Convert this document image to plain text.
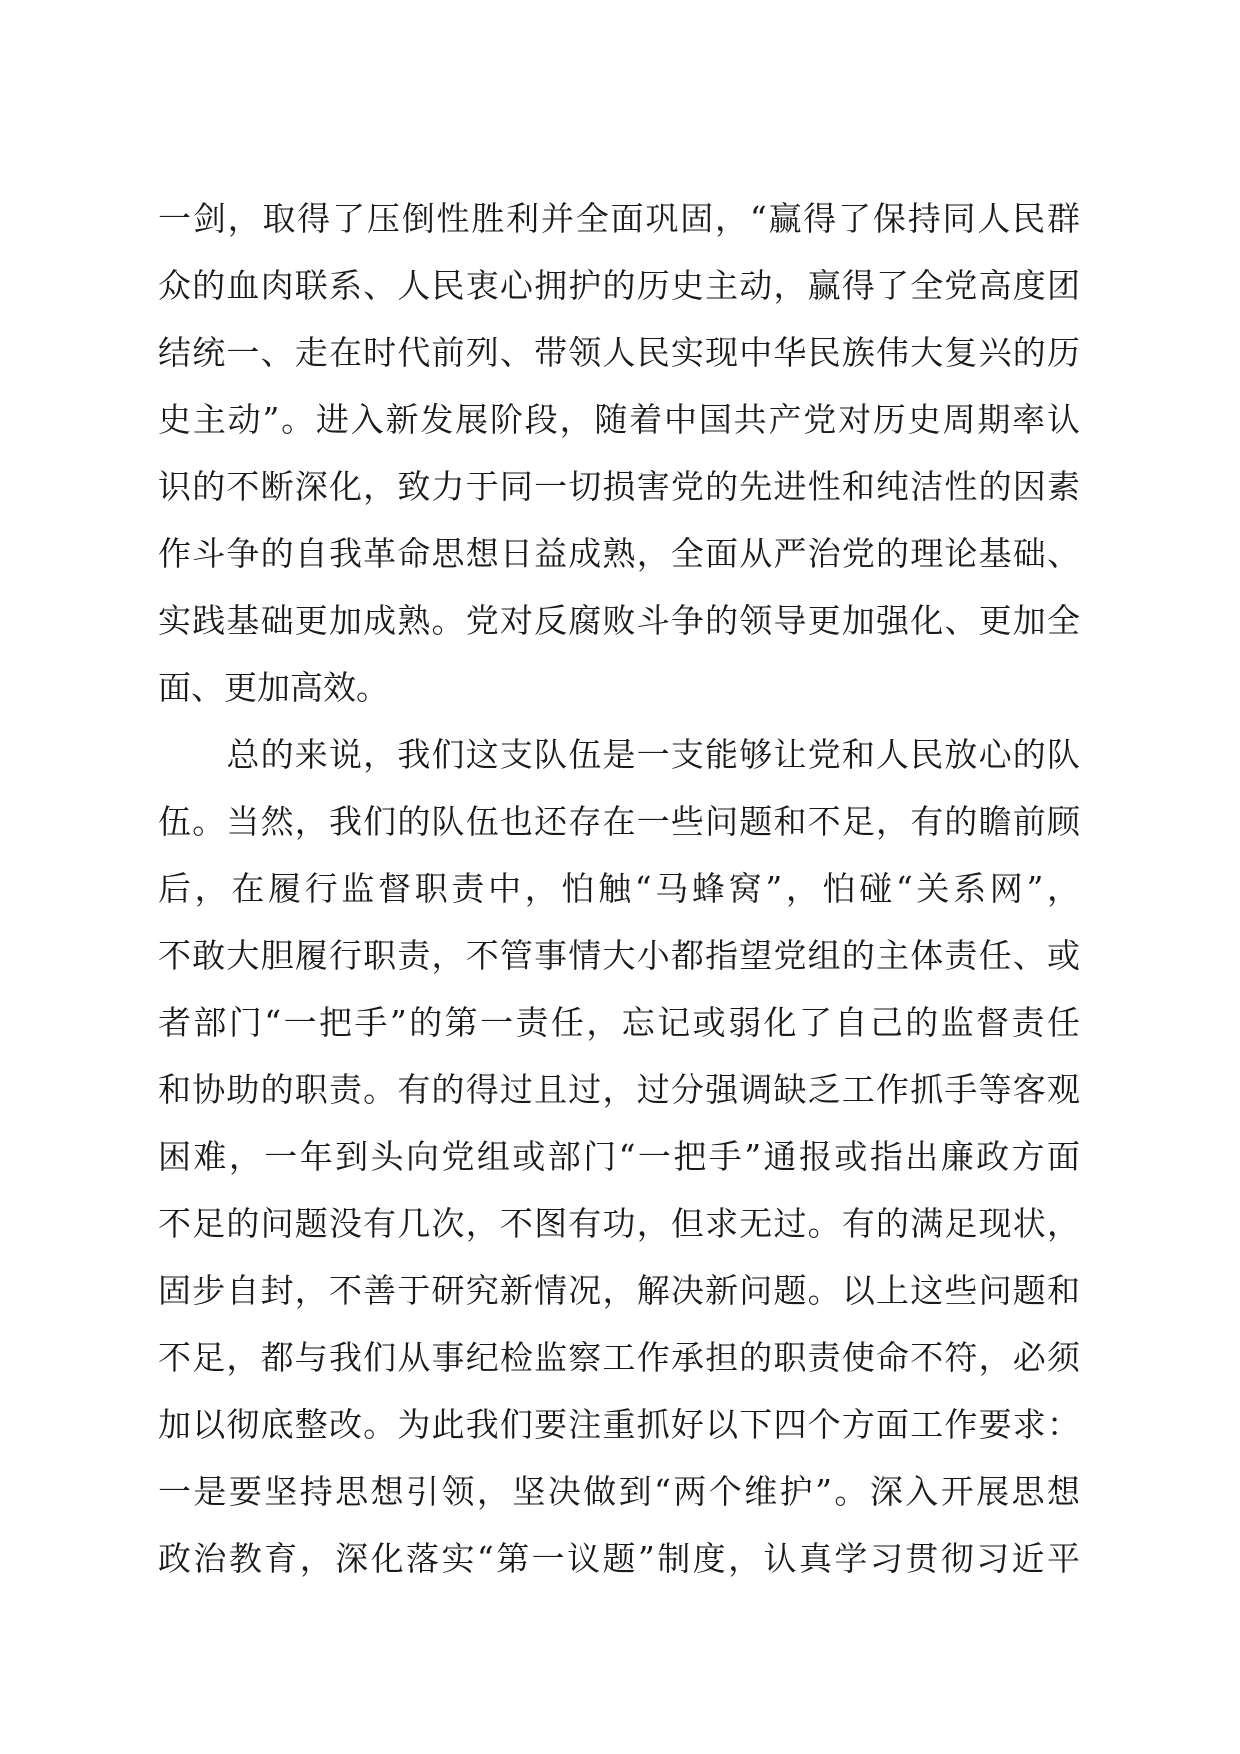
一剑，取得了压倒性胜利并全面巩固，“赢得了保持同人民群
众的血肉联系、人民衷心拥护的历史主动，赢得了全党高度团
结统一、走在时代前列、带领人民实现中华民族伟大复兴的历
史主动”。进入新发展阶段，随着中国共产党对历史周期率认
识的不断深化，致力于同一切损害党的先进性和纯洁性的因素
作斗争的自我革命思想日益成熟，全面从严治党的理论基础、
实践基础更加成熟。党对反腐败斗争的领导更加强化、更加全
面、更加高效。
　　总的来说，我们这支队伍是一支能够让党和人民放心的队
伍。当然，我们的队伍也还存在一些问题和不足，有的瞻前顾
后，在履行监督职责中，怕触“马蜂窝”，怕碰“关系网”，
不敢大胆履行职责，不管事情大小都指望党组的主体责任、或
者部门“一把手”的第一责任，忘记或弱化了自己的监督责任
和协助的职责。有的得过且过，过分强调缺乏工作抓手等客观
困难，一年到头向党组或部门“一把手”通报或指出廉政方面
不足的问题没有几次，不图有功，但求无过。有的满足现状，
固步自封，不善于研究新情况，解决新问题。以上这些问题和
不足，都与我们从事纪检监察工作承担的职责使命不符，必须
加以彻底整改。为此我们要注重抓好以下四个方面工作要求：
一是要坚持思想引领，坚决做到“两个维护”。深入开展思想
政治教育，深化落实“第一议题”制度，认真学习贯彻习近平
